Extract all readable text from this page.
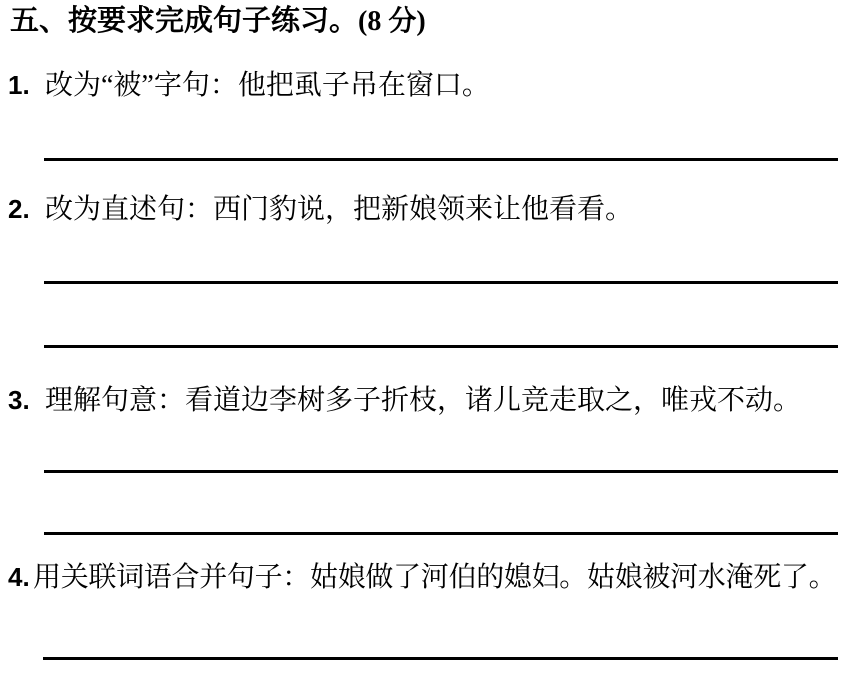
五、按要求完成句子练习。(8 分)
1. 改为“被”字句：他把虱子吊在窗口。
2. 改为直述句：西门豹说，把新娘领来让他看看。
3. 理解句意：看道边李树多子折枝，诸儿竞走取之，唯戎不动。
4. 用关联词语合并句子：姑娘做了河伯的媳妇。姑娘被河水淹死了。
